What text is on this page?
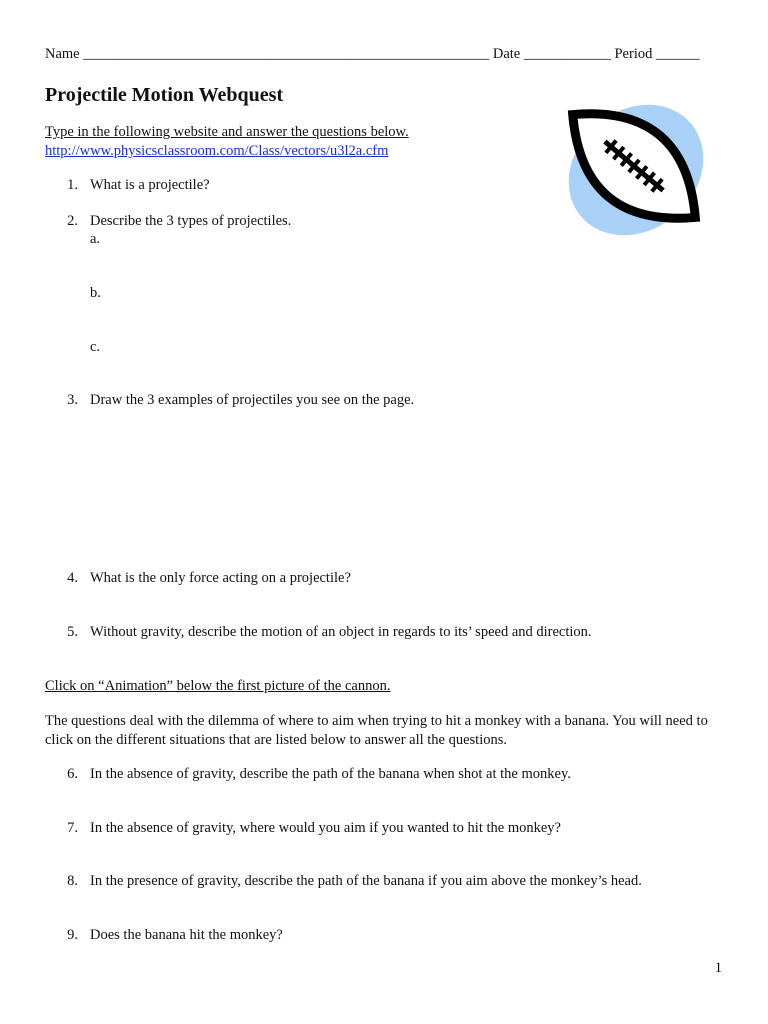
Name ________________________________________________________ Date ____________ Period ______
Projectile Motion Webquest
Type in the following website and answer the questions below.
http://www.physicsclassroom.com/Class/vectors/u3l2a.cfm
1. What is a projectile?
2. Describe the 3 types of projectiles.
a.
b.
c.
3. Draw the 3 examples of projectiles you see on the page.
4. What is the only force acting on a projectile?
5. Without gravity, describe the motion of an object in regards to its’ speed and direction.
Click on “Animation” below the first picture of the cannon.
The questions deal with the dilemma of where to aim when trying to hit a monkey with a banana. You will need to click on the different situations that are listed below to answer all the questions.
6. In the absence of gravity, describe the path of the banana when shot at the monkey.
7. In the absence of gravity, where would you aim if you wanted to hit the monkey?
8. In the presence of gravity, describe the path of the banana if you aim above the monkey’s head.
9. Does the banana hit the monkey?
1
